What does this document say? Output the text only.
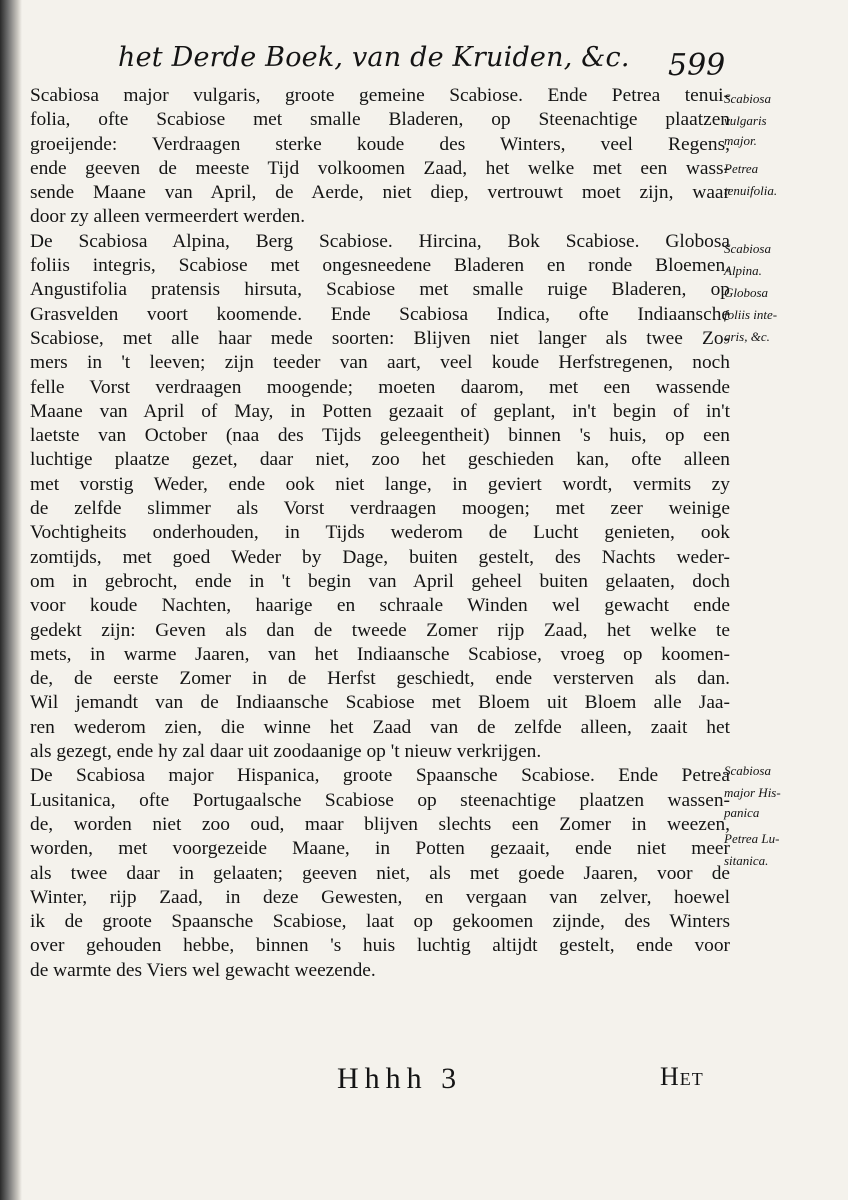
het Derde Boek, van de Kruiden, &c.	599
Scabiosa major vulgaris, groote gemeine Scabiose. Ende Petrea tenui-
folia, ofte Scabiose met smalle Bladeren, op Steenachtige plaatzen
groeijende: Verdraagen sterke koude des Winters, veel Regens,
ende geeven de meeste Tijd volkoomen Zaad, het welke met een wass-
sende Maane van April, de Aerde, niet diep, vertrouwt moet zijn, waar
door zy alleen vermeerdert werden.
De Scabiosa Alpina, Berg Scabiose. Hircina, Bok Scabiose. Globosa
foliis integris, Scabiose met ongesneedene Bladeren en ronde Bloemen.
Angustifolia pratensis hirsuta, Scabiose met smalle ruige Bladeren, op
Grasvelden voort koomende. Ende Scabiosa Indica, ofte Indiaansche
Scabiose, met alle haar mede soorten: Blijven niet langer als twee Zo-
mers in 't leeven; zijn teeder van aart, veel koude Herfstregenen, noch
felle Vorst verdraagen moogende; moeten daarom, met een wassende
Maane van April of May, in Potten gezaait of geplant, in't begin of in't
laetste van October (naa des Tijds geleegentheit) binnen 's huis, op een
luchtige plaatze gezet, daar niet, zoo het geschieden kan, ofte alleen
met vorstig Weder, ende ook niet lange, in geviert wordt, vermits zy
de zelfde slimmer als Vorst verdraagen moogen; met zeer weinige
Vochtigheits onderhouden, in Tijds wederom de Lucht genieten, ook
zomtijds, met goed Weder by Dage, buiten gestelt, des Nachts weder-
om in gebrocht, ende in 't begin van April geheel buiten gelaaten, doch
voor koude Nachten, haarige en schraale Winden wel gewacht ende
gedekt zijn: Geven als dan de tweede Zomer rijp Zaad, het welke te
mets, in warme Jaaren, van het Indiaansche Scabiose, vroeg op koomen-
de, de eerste Zomer in de Herfst geschiedt, ende versterven als dan.
Wil jemandt van de Indiaansche Scabiose met Bloem uit Bloem alle Jaa-
ren wederom zien, die winne het Zaad van de zelfde alleen, zaait het
als gezegt, ende hy zal daar uit zoodaanige op 't nieuw verkrijgen.
De Scabiosa major Hispanica, groote Spaansche Scabiose. Ende Petrea
Lusitanica, ofte Portugaalsche Scabiose op steenachtige plaatzen wassen-
de, worden niet zoo oud, maar blijven slechts een Zomer in weezen,
worden, met voorgezeide Maane, in Potten gezaait, ende niet meer
als twee daar in gelaaten; geeven niet, als met goede Jaaren, voor de
Winter, rijp Zaad, in deze Gewesten, en vergaan van zelver, hoewel
ik de groote Spaansche Scabiose, laat op gekoomen zijnde, des Winters
over gehouden hebbe, binnen 's huis luchtig altijdt gestelt, ende voor
de warmte des Viers wel gewacht weezende.
Scabiosa
vulgaris
major.
Petrea
tenuifolia.
Scabiosa
Alpina.
Globosa
foliis inte-
gris, &c.
Scabiosa
major His-
panica
Petrea Lu-
sitanica.
Hhhh 3	Het
